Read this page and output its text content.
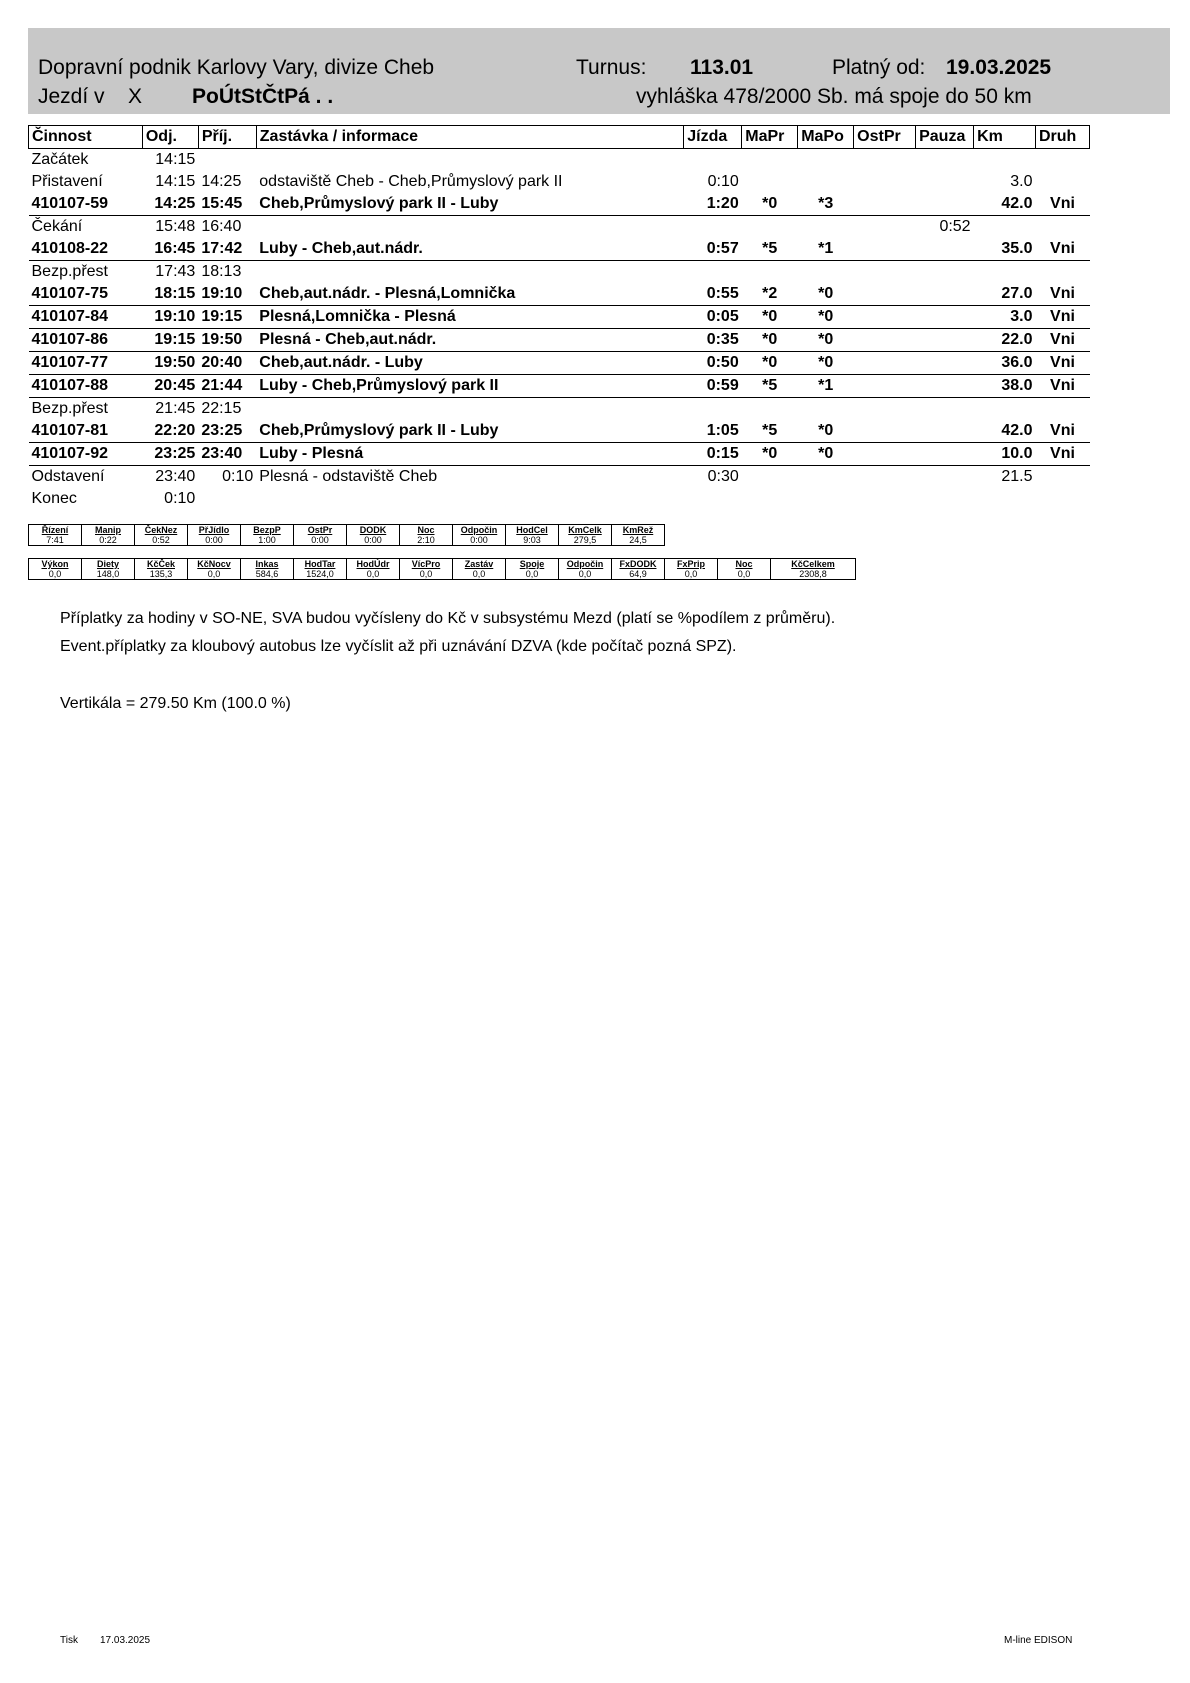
Dopravní podnik Karlovy Vary, divize Cheb	Turnus: 113.01	Platný od: 19.03.2025
Jezdí v X PoÚtStČtPá . .	vyhláška 478/2000 Sb. má spoje do 50 km
Činnost	Odj.	Příj.	Zastávka / informace	Jízda	MaPr	MaPo	OstPr	Pauza	Km	Druh
Začátek	14:15									
Přistavení	14:15	14:25	odstaviště Cheb - Cheb,Průmyslový park II	0:10					3.0	
410107-59	14:25	15:45	Cheb,Průmyslový park II - Luby	1:20	*0	*3			42.0	Vni
Čekání	15:48	16:40						0:52		
410108-22	16:45	17:42	Luby - Cheb,aut.nádr.	0:57	*5	*1			35.0	Vni
Bezp.přest	17:43	18:13								
410107-75	18:15	19:10	Cheb,aut.nádr. - Plesná,Lomnička	0:55	*2	*0			27.0	Vni
410107-84	19:10	19:15	Plesná,Lomnička - Plesná	0:05	*0	*0			3.0	Vni
410107-86	19:15	19:50	Plesná - Cheb,aut.nádr.	0:35	*0	*0			22.0	Vni
410107-77	19:50	20:40	Cheb,aut.nádr. - Luby	0:50	*0	*0			36.0	Vni
410107-88	20:45	21:44	Luby - Cheb,Průmyslový park II	0:59	*5	*1			38.0	Vni
Bezp.přest	21:45	22:15								
410107-81	22:20	23:25	Cheb,Průmyslový park II - Luby	1:05	*5	*0			42.0	Vni
410107-92	23:25	23:40	Luby - Plesná	0:15	*0	*0			10.0	Vni
Odstavení	23:40	0:10	Plesná - odstaviště Cheb	0:30					21.5	
Konec	0:10									
Řízení	Manip	ČekNez	PřJídlo	BezpP	OstPr	DODK	Noc	Odpočin	HodCel	KmCelk	KmRež
7:41	0:22	0:52	0:00	1:00	0:00	0:00	2:10	0:00	9:03	279,5	24,5
Výkon	Diety	KčČek	KčNocv	Inkas	HodTar	HodÚdr	VícPro	Zastáv	Spoje	Odpočin	FxDODK	FxPrip	Noc	KčCelkem
0,0	148,0	135,3	0,0	584,6	1524,0	0,0	0,0	0,0	0,0	0,0	64,9	0,0	0,0	2308,8
Příplatky za hodiny v SO-NE, SVA budou vyčísleny do Kč v subsystému Mezd (platí se %podílem z průměru).
Event.příplatky za kloubový autobus lze vyčíslit až při uznávání DZVA (kde počítač pozná SPZ).
Vertikála = 279.50 Km (100.0 %)
Tisk 17.03.2025	M-line EDISON
